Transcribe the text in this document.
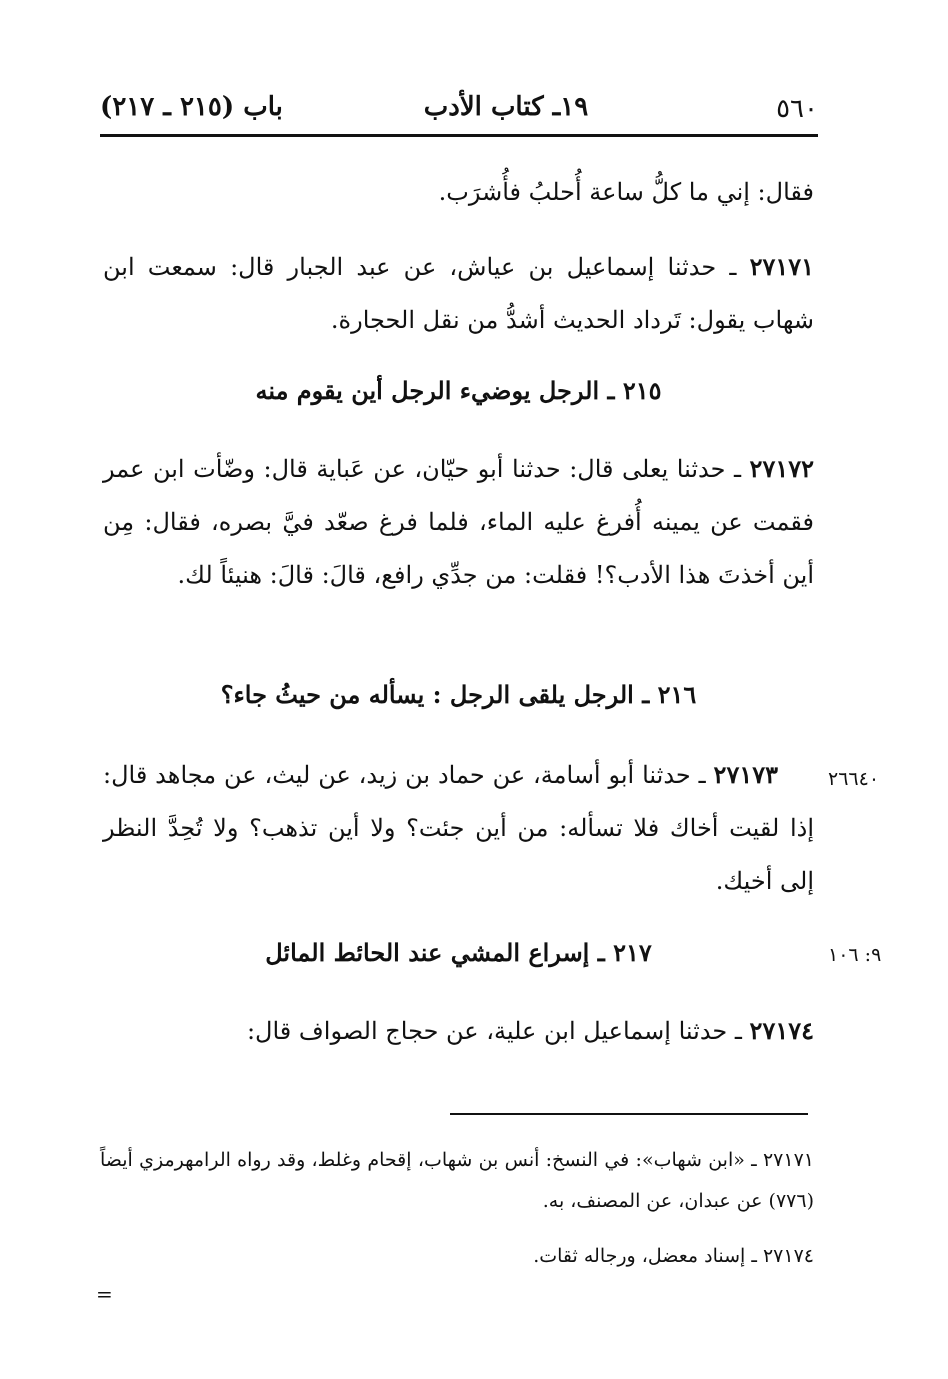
٥٦٠
١٩ـ كتاب الأدب
باب (٢١٥ ـ ٢١٧)
فقال: إني ما كلُّ ساعة أُحلبُ فأُشرَب.
٢٧١٧١ ـ حدثنا إسماعيل بن عياش، عن عبد الجبار قال: سمعت ابن شهاب يقول: تَرداد الحديث أشدُّ من نقل الحجارة.
٢١٥ ـ الرجل يوضيء الرجل أين يقوم منه
٢٧١٧٢ ـ حدثنا يعلى قال: حدثنا أبو حيّان، عن عَباية قال: وضّأت ابن عمر فقمت عن يمينه أُفرغ عليه الماء، فلما فرغ صعّد فيَّ بصره، فقال: مِن أين أخذتَ هذا الأدب؟! فقلت: من جدِّي رافع، قالَ: قالَ: هنيئاً لك.
٢١٦ ـ الرجل يلقى الرجل : يسأله من حيثُ جاء؟
٢٦٦٤٠
٢٧١٧٣ ـ حدثنا أبو أسامة، عن حماد بن زيد، عن ليث، عن مجاهد قال: إذا لقيت أخاك فلا تسأله: من أين جئت؟ ولا أين تذهب؟ ولا تُحِدَّ النظر إلى أخيك.
٩: ١٠٦
٢١٧ ـ إسراع المشي عند الحائط المائل
٢٧١٧٤ ـ حدثنا إسماعيل ابن علية، عن حجاج الصواف قال:
٢٧١٧١ ـ «ابن شهاب»: في النسخ: أنس بن شهاب، إقحام وغلط، وقد رواه الرامهرمزي أيضاً (٧٧٦) عن عبدان، عن المصنف، به.
٢٧١٧٤ ـ إسناد معضل، ورجاله ثقات.
=
